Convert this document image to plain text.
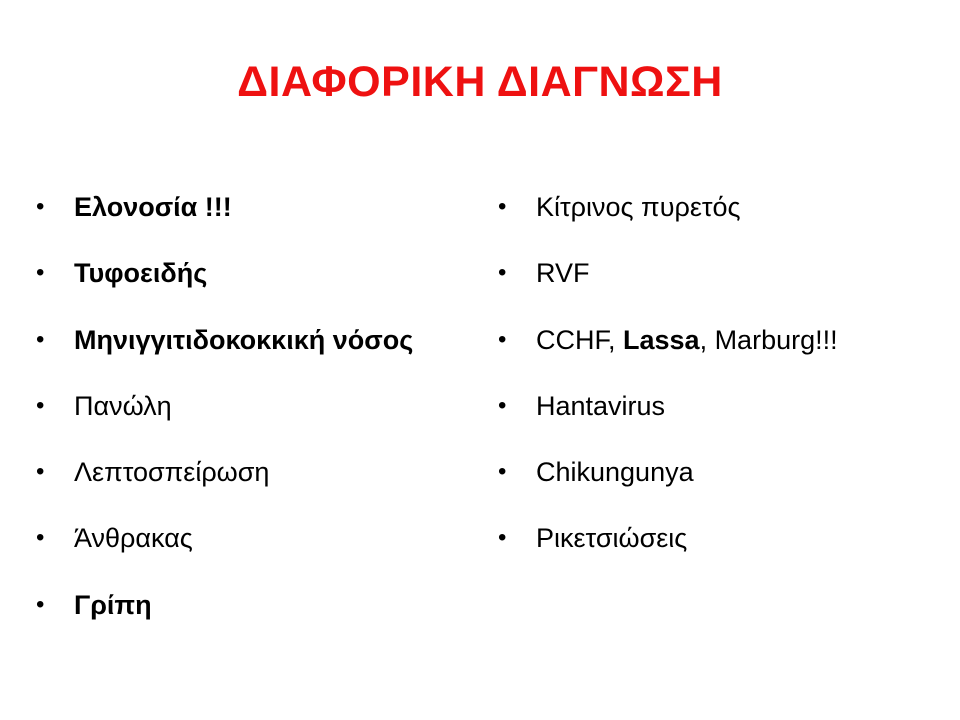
ΔΙΑΦΟΡΙΚΗ ΔΙΑΓΝΩΣΗ
• Ελονοσία !!!
• Τυφοειδής
• Μηνιγγιτιδοκοκκική νόσος
• Πανώλη
• Λεπτοσπείρωση
• Άνθρακας
• Γρίπη
• Κίτρινος πυρετός
• RVF
• CCHF, Lassa, Marburg!!!
• Hantavirus
• Chikungunya
• Ρικετσιώσεις
